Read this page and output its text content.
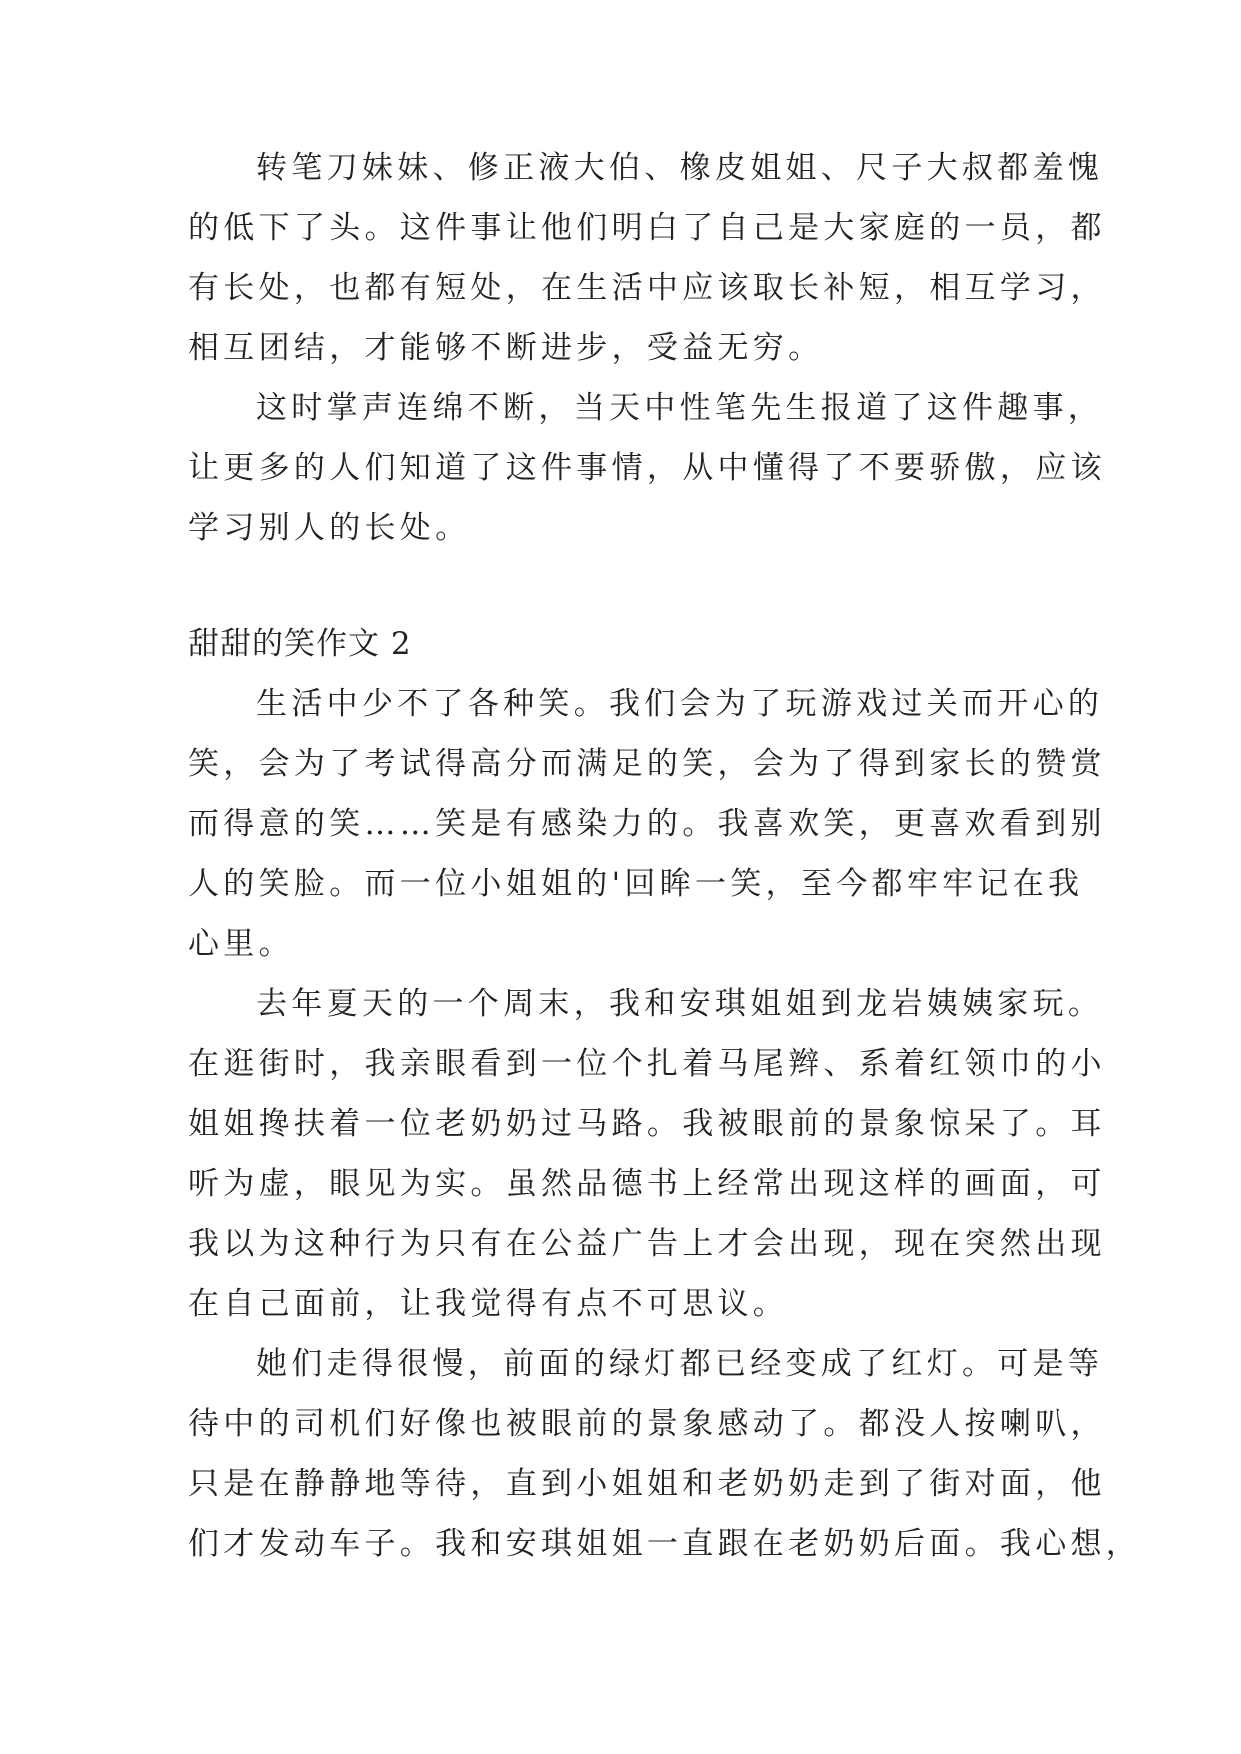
转笔刀妹妹、修正液大伯、橡皮姐姐、尺子大叔都羞愧
的低下了头。这件事让他们明白了自己是大家庭的一员，都
有长处，也都有短处，在生活中应该取长补短，相互学习，
相互团结，才能够不断进步，受益无穷。
这时掌声连绵不断，当天中性笔先生报道了这件趣事，
让更多的人们知道了这件事情，从中懂得了不要骄傲，应该
学习别人的长处。
甜甜的笑作文 2
生活中少不了各种笑。我们会为了玩游戏过关而开心的
笑，会为了考试得高分而满足的笑，会为了得到家长的赞赏
而得意的笑……笑是有感染力的。我喜欢笑，更喜欢看到别
人的笑脸。而一位小姐姐的'回眸一笑，至今都牢牢记在我
心里。
去年夏天的一个周末，我和安琪姐姐到龙岩姨姨家玩。
在逛街时，我亲眼看到一位个扎着马尾辫、系着红领巾的小
姐姐搀扶着一位老奶奶过马路。我被眼前的景象惊呆了。耳
听为虚，眼见为实。虽然品德书上经常出现这样的画面，可
我以为这种行为只有在公益广告上才会出现，现在突然出现
在自己面前，让我觉得有点不可思议。
她们走得很慢，前面的绿灯都已经变成了红灯。可是等
待中的司机们好像也被眼前的景象感动了。都没人按喇叭，
只是在静静地等待，直到小姐姐和老奶奶走到了街对面，他
们才发动车子。我和安琪姐姐一直跟在老奶奶后面。我心想，
